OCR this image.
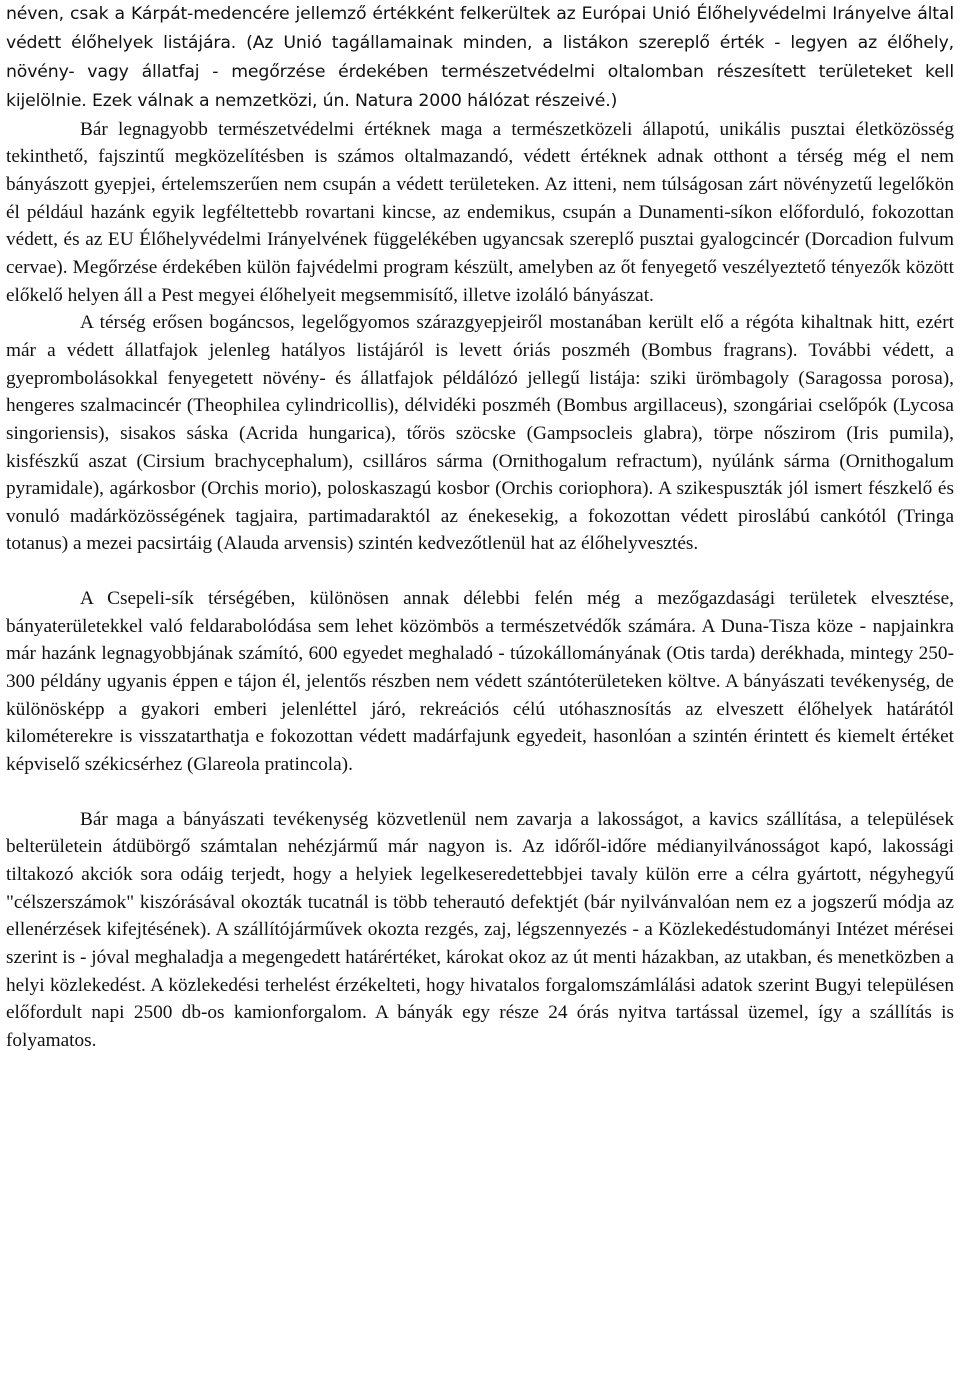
néven, csak a Kárpát-medencére jellemző értékként felkerültek az Európai Unió Élőhelyvédelmi Irányelve által védett élőhelyek listájára. (Az Unió tagállamainak minden, a listákon szereplő érték - legyen az élőhely, növény- vagy állatfaj - megőrzése érdekében természetvédelmi oltalomban részesített területeket kell kijelölnie. Ezek válnak a nemzetközi, ún. Natura 2000 hálózat részeivé.)

Bár legnagyobb természetvédelmi értéknek maga a természetközeli állapotú, unikális pusztai életközösség tekinthető, fajszintű megközelítésben is számos oltalmazandó, védett értéknek adnak otthont a térség még el nem bányászott gyepjei, értelemszerűen nem csupán a védett területeken. Az itteni, nem túlságosan zárt növényzetű legelőkön él például hazánk egyik legféltettebb rovartani kincse, az endemikus, csupán a Dunamenti-síkon előforduló, fokozottan védett, és az EU Élőhelyvédelmi Irányelvének függelékében ugyancsak szereplő pusztai gyalogcincér (Dorcadion fulvum cervae). Megőrzése érdekében külön fajvédelmi program készült, amelyben az őt fenyegető veszélyeztető tényezők között előkelő helyen áll a Pest megyei élőhelyeit megsemmisítő, illetve izoláló bányászat.

A térség erősen bogáncsos, legelőgyomos szárazgyepjeiről mostanában került elő a régóta kihaltnak hitt, ezért már a védett állatfajok jelenleg hatályos listájáról is levett óriás poszméh (Bombus fragrans). További védett, a gyeprombolásokkal fenyegetett növény- és állatfajok példálózó jellegű listája: sziki ürömbagoly (Saragossa porosa), hengeres szalmacincér (Theophilea cylindricollis), délvidéki poszméh (Bombus argillaceus), szongáriai cselőpók (Lycosa singoriensis), sisakos sáska (Acrida hungarica), tőrös szöcske (Gampsocleis glabra), törpe nőszirom (Iris pumila), kisfészkű aszat (Cirsium brachycephalum), csilláros sárma (Ornithogalum refractum), nyúlánk sárma (Ornithogalum pyramidale), agárkosbor (Orchis morio), poloskaszagú kosbor (Orchis coriophora). A szikespuszták jól ismert fészkelő és vonuló madárközösségének tagjaira, partimadaraktól az énekesekig, a fokozottan védett piroslábú cankótól (Tringa totanus) a mezei pacsirtáig (Alauda arvensis) szintén kedvezőtlenül hat az élőhelyvesztés.

A Csepeli-sík térségében, különösen annak délebbi felén még a mezőgazdasági területek elvesztése, bányaterületekkel való feldarabolódása sem lehet közömbös a természetvédők számára. A Duna-Tisza köze - napjainkra már hazánk legnagyobbjának számító, 600 egyedet meghaladó - túzokállományának (Otis tarda) derékhada, mintegy 250-300 példány ugyanis éppen e tájon él, jelentős részben nem védett szántóterületeken költve. A bányászati tevékenység, de különösképp a gyakori emberi jelenléttel járó, rekreációs célú utóhasznosítás az elveszett élőhelyek határától kilométerekre is visszatarthatja e fokozottan védett madárfajunk egyedeit, hasonlóan a szintén érintett és kiemelt értéket képviselő székicsérhez (Glareola pratincola).

Bár maga a bányászati tevékenység közvetlenül nem zavarja a lakosságot, a kavics szállítása, a települések belterületein átdübörgő számtalan nehézjármű már nagyon is. Az időről-időre médianyilvánosságot kapó, lakossági tiltakozó akciók sora odáig terjedt, hogy a helyiek legelkeseredettebbjei tavaly külön erre a célra gyártott, négyhegyű "célszerszámok" kiszórásával okozták tucatnál is több teherautó defektjét (bár nyilvánvalóan nem ez a jogszerű módja az ellenérzések kifejtésének). A szállítójárművek okozta rezgés, zaj, légszennyezés - a Közlekedéstudományi Intézet mérései szerint is - jóval meghaladja a megengedett határértéket, károkat okoz az út menti házakban, az utakban, és menetközben a helyi közlekedést. A közlekedési terhelést érzékelteti, hogy hivatalos forgalomszámlálási adatok szerint Bugyi településen előfordult napi 2500 db-os kamionforgalom. A bányák egy része 24 órás nyitva tartással üzemel, így a szállítás is folyamatos.
